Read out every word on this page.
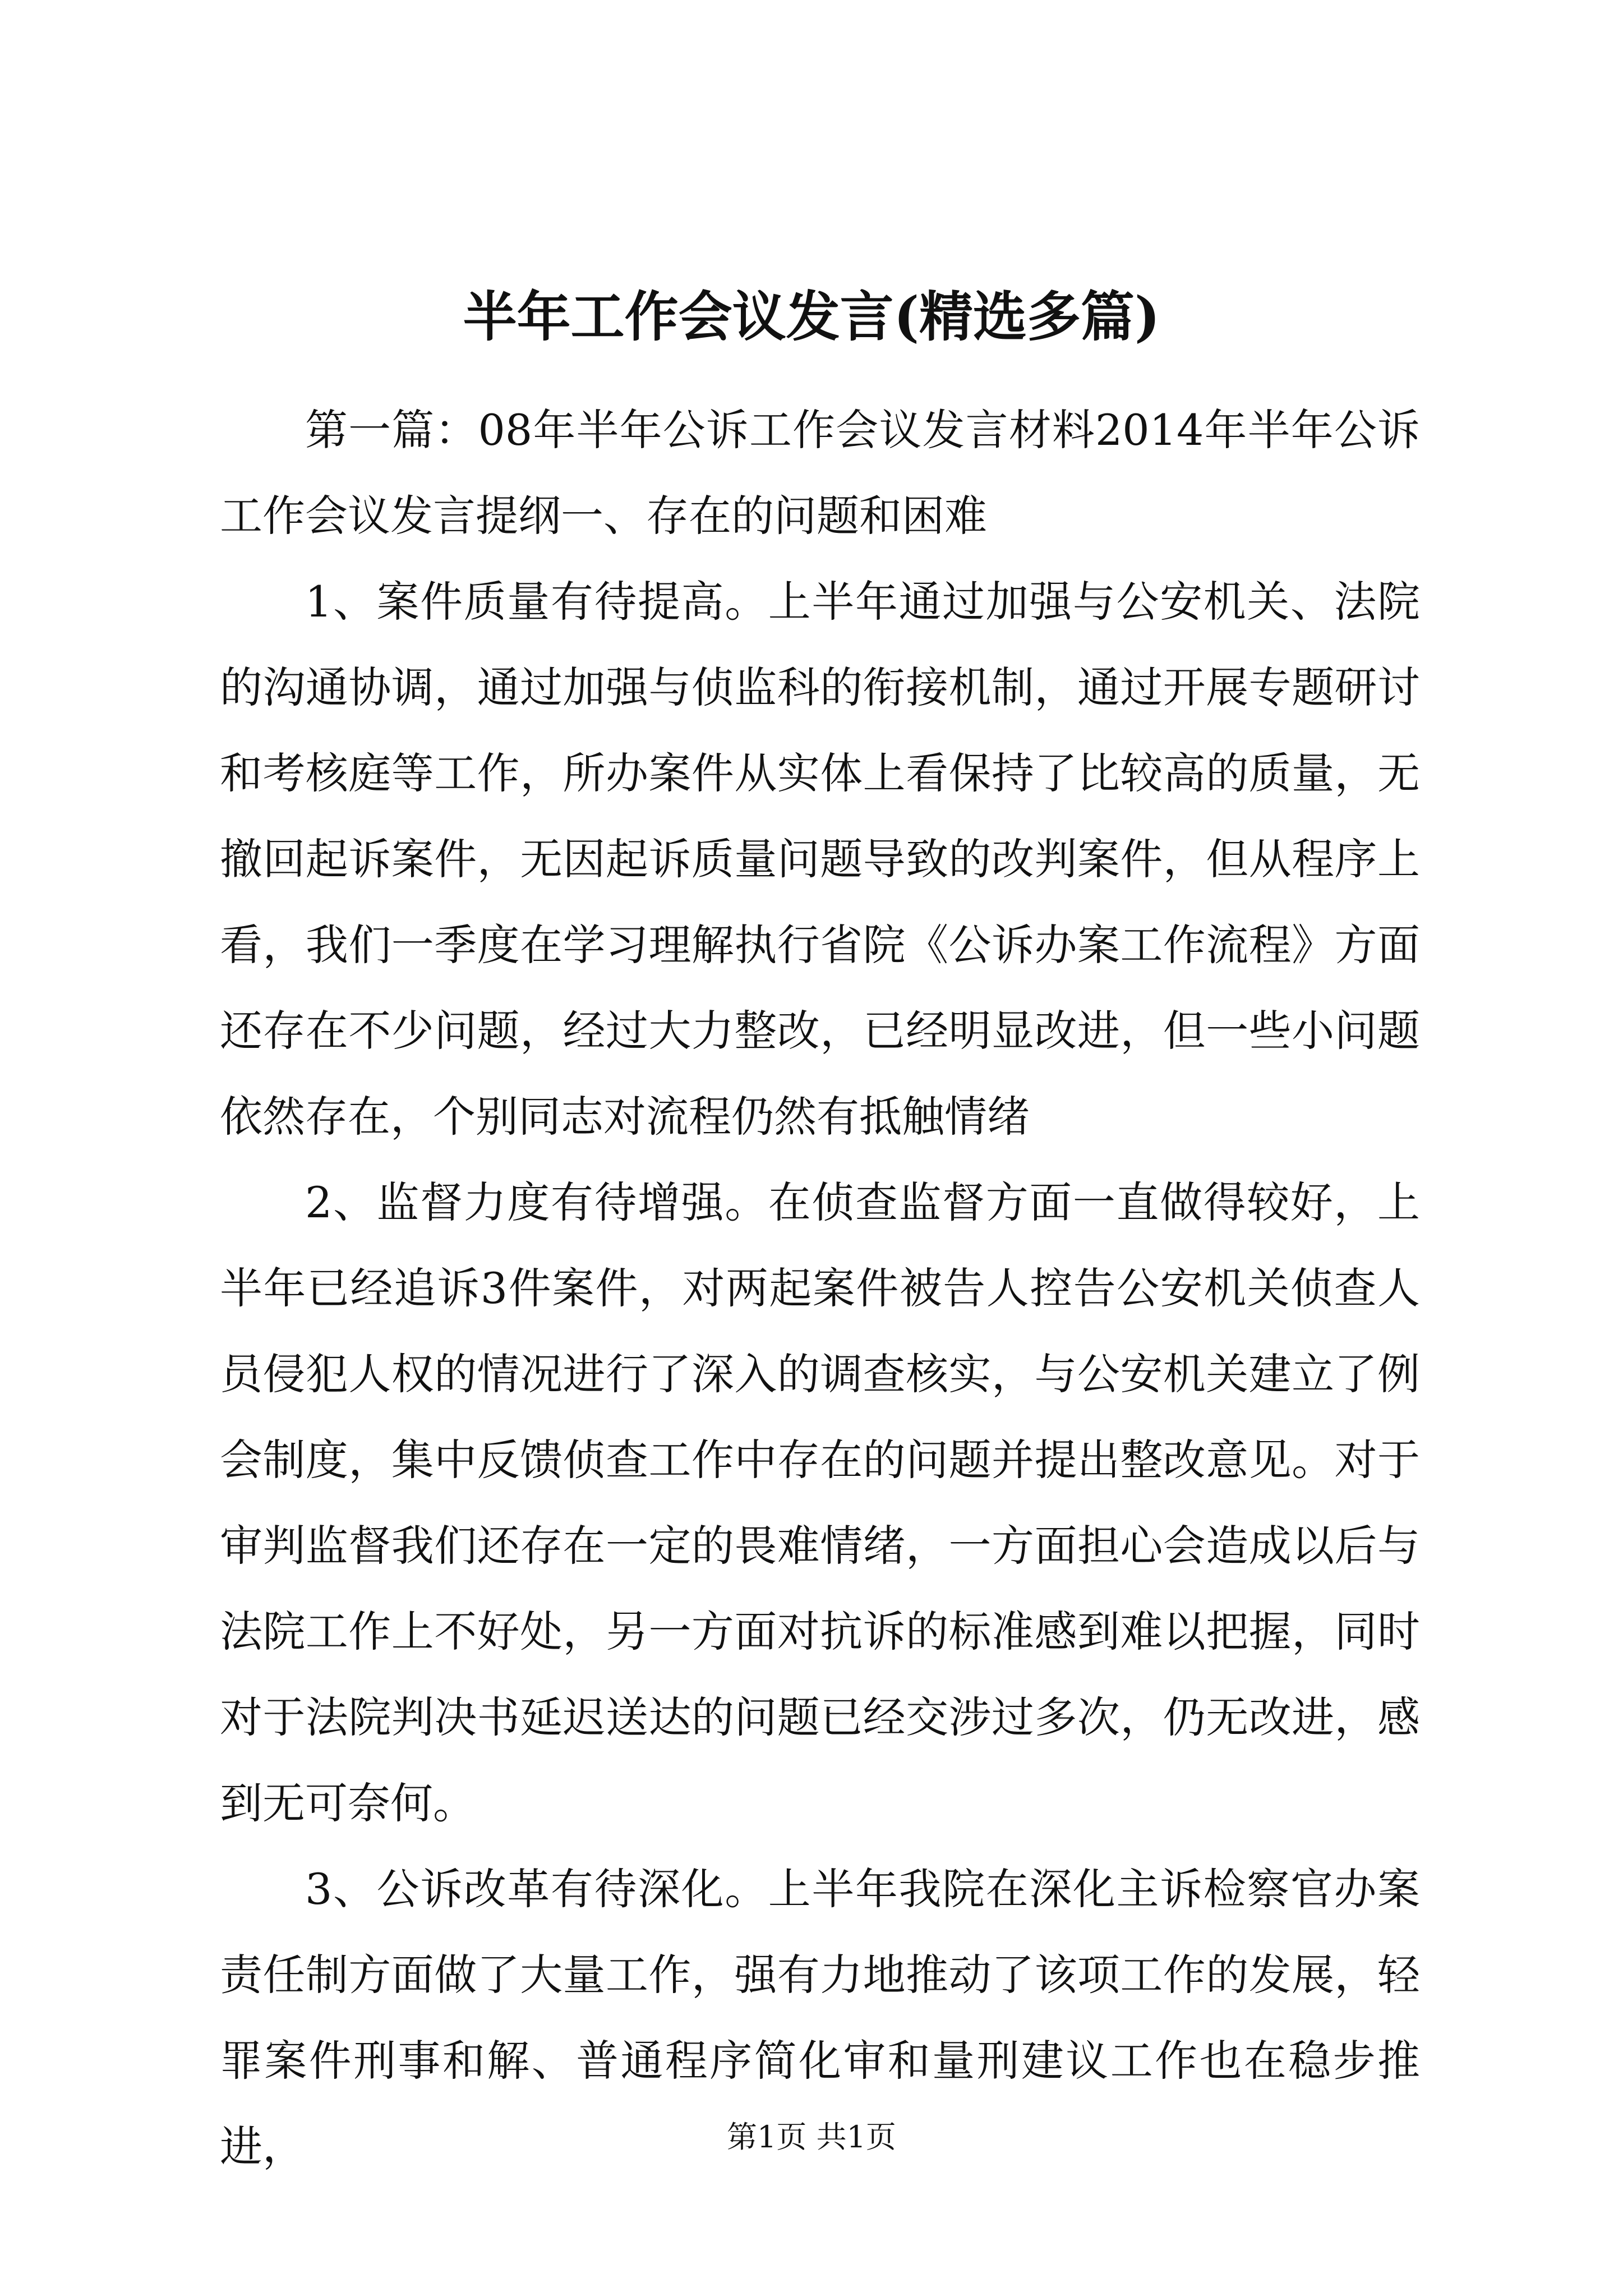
半年工作会议发言(精选多篇)

第一篇：08年半年公诉工作会议发言材料2014年半年公诉工作会议发言提纲一、存在的问题和困难

1、案件质量有待提高。上半年通过加强与公安机关、法院的沟通协调，通过加强与侦监科的衔接机制，通过开展专题研讨和考核庭等工作，所办案件从实体上看保持了比较高的质量，无撤回起诉案件，无因起诉质量问题导致的改判案件，但从程序上看，我们一季度在学习理解执行省院《公诉办案工作流程》方面还存在不少问题，经过大力整改，已经明显改进，但一些小问题依然存在，个别同志对流程仍然有抵触情绪

2、监督力度有待增强。在侦查监督方面一直做得较好，上半年已经追诉3件案件，对两起案件被告人控告公安机关侦查人员侵犯人权的情况进行了深入的调查核实，与公安机关建立了例会制度，集中反馈侦查工作中存在的问题并提出整改意见。对于审判监督我们还存在一定的畏难情绪，一方面担心会造成以后与法院工作上不好处，另一方面对抗诉的标准感到难以把握，同时对于法院判决书延迟送达的问题已经交涉过多次，仍无改进，感到无可奈何。

3、公诉改革有待深化。上半年我院在深化主诉检察官办案责任制方面做了大量工作，强有力地推动了该项工作的发展，轻罪案件刑事和解、普通程序简化审和量刑建议工作也在稳步推进，	第1页 共1页
